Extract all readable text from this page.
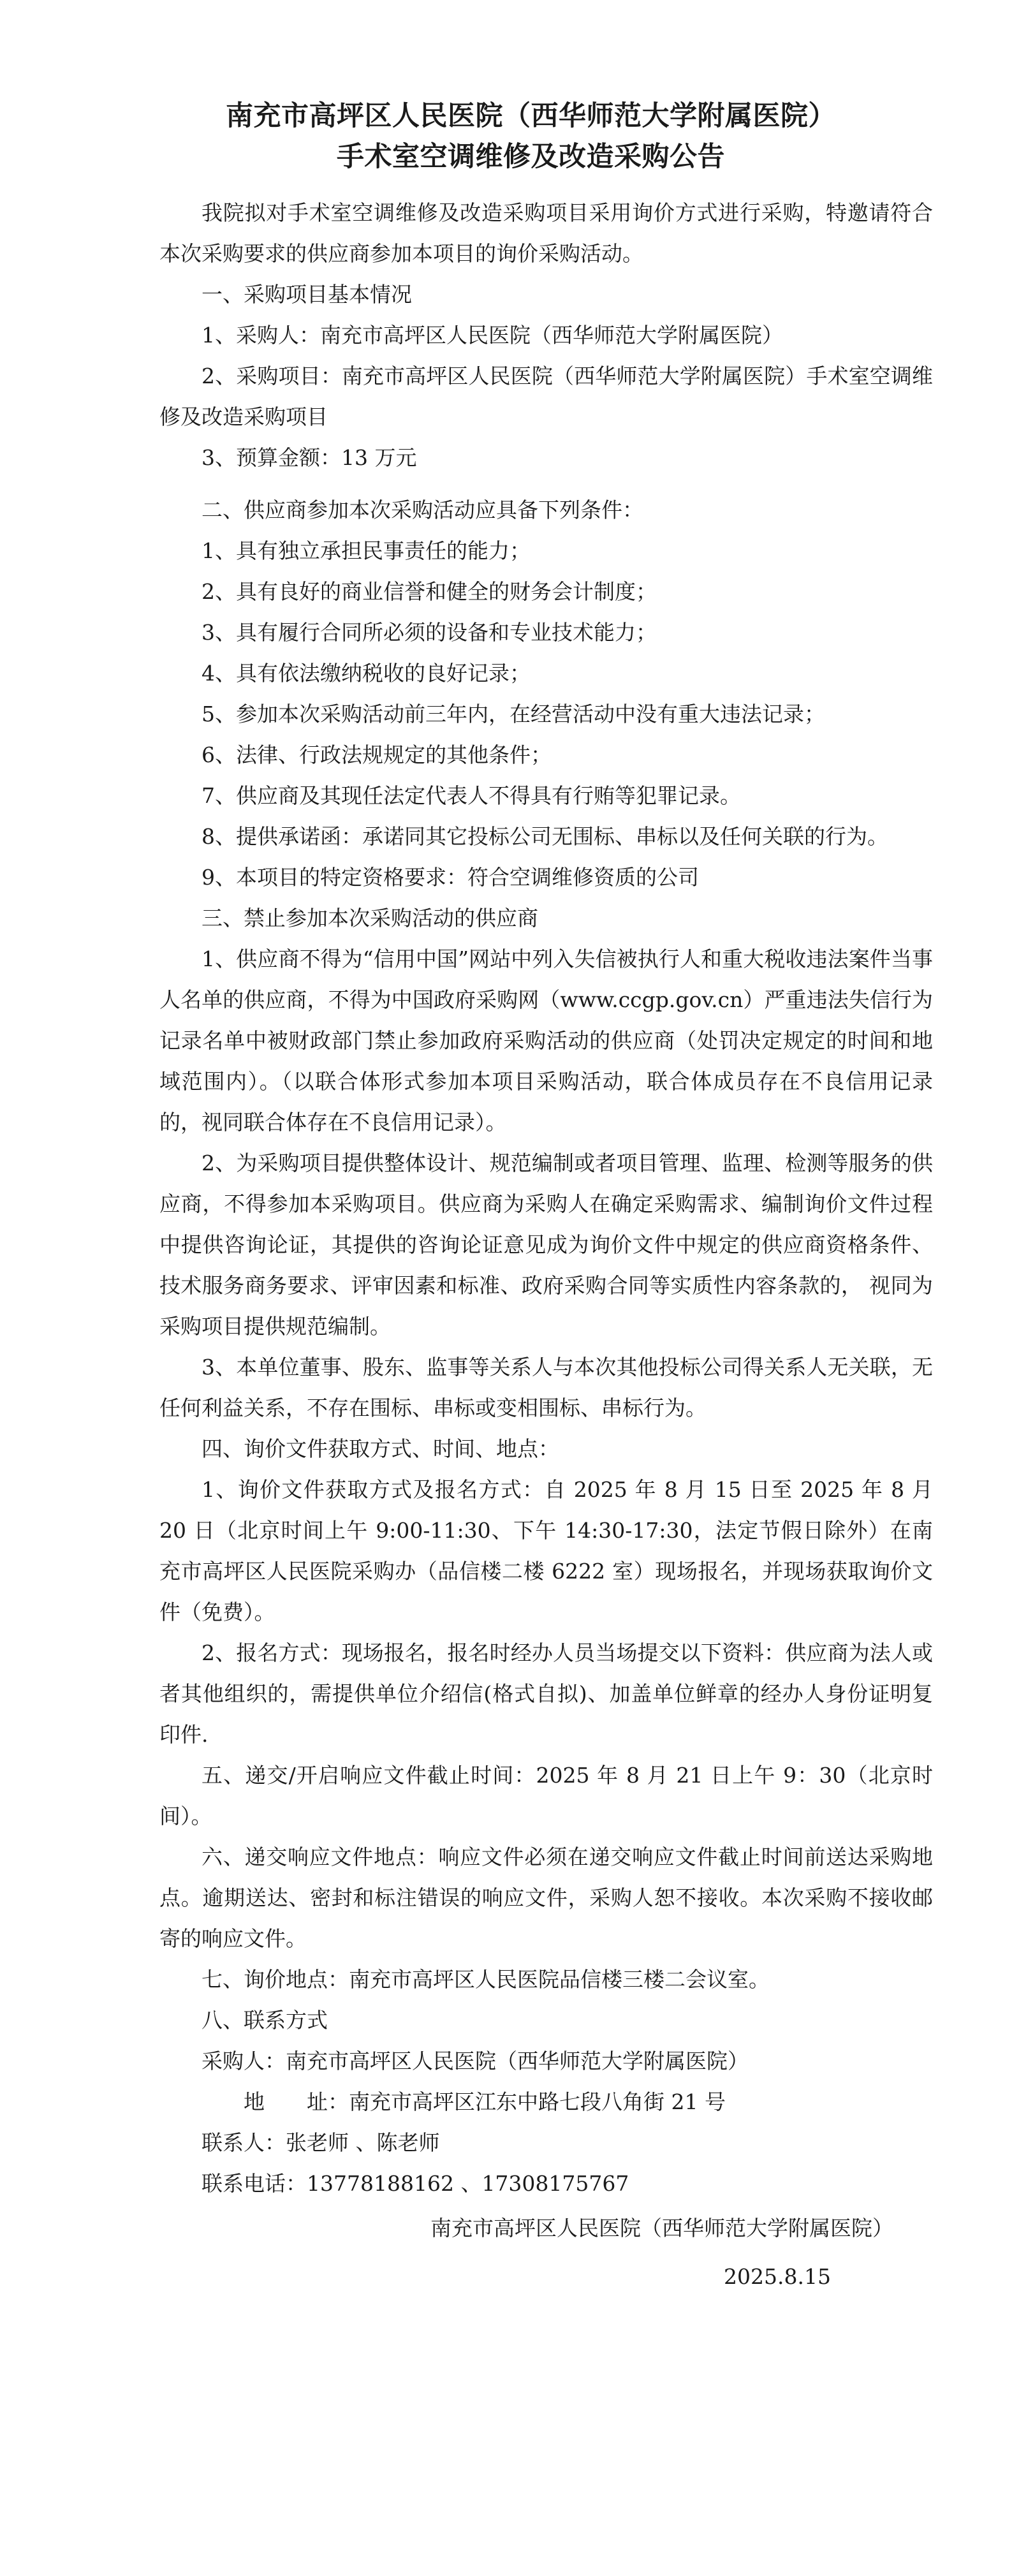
南充市高坪区人民医院（西华师范大学附属医院）
手术室空调维修及改造采购公告

我院拟对手术室空调维修及改造采购项目采用询价方式进行采购，特邀请符合本次采购要求的供应商参加本项目的询价采购活动。

一、采购项目基本情况

1、采购人：南充市高坪区人民医院（西华师范大学附属医院）

2、采购项目：南充市高坪区人民医院（西华师范大学附属医院）手术室空调维修及改造采购项目

3、预算金额：13 万元

二、供应商参加本次采购活动应具备下列条件：

1、具有独立承担民事责任的能力；

2、具有良好的商业信誉和健全的财务会计制度；

3、具有履行合同所必须的设备和专业技术能力；

4、具有依法缴纳税收的良好记录；

5、参加本次采购活动前三年内，在经营活动中没有重大违法记录；

6、法律、行政法规规定的其他条件；

7、供应商及其现任法定代表人不得具有行贿等犯罪记录。

8、提供承诺函：承诺同其它投标公司无围标、串标以及任何关联的行为。

9、本项目的特定资格要求：符合空调维修资质的公司

三、禁止参加本次采购活动的供应商

1、供应商不得为“信用中国”网站中列入失信被执行人和重大税收违法案件当事人名单的供应商，不得为中国政府采购网（www.ccgp.gov.cn）严重违法失信行为记录名单中被财政部门禁止参加政府采购活动的供应商（处罚决定规定的时间和地域范围内）。（以联合体形式参加本项目采购活动，联合体成员存在不良信用记录的，视同联合体存在不良信用记录）。

2、为采购项目提供整体设计、规范编制或者项目管理、监理、检测等服务的供应商，不得参加本采购项目。供应商为采购人在确定采购需求、编制询价文件过程中提供咨询论证，其提供的咨询论证意见成为询价文件中规定的供应商资格条件、技术服务商务要求、评审因素和标准、政府采购合同等实质性内容条款的， 视同为采购项目提供规范编制。

3、本单位董事、股东、监事等关系人与本次其他投标公司得关系人无关联，无任何利益关系，不存在围标、串标或变相围标、串标行为。

四、询价文件获取方式、时间、地点：

1、询价文件获取方式及报名方式：自 2025 年 8 月 15 日至 2025 年 8 月 20 日（北京时间上午 9:00-11:30、下午 14:30-17:30，法定节假日除外）在南充市高坪区人民医院采购办（品信楼二楼 6222 室）现场报名，并现场获取询价文件（免费）。

2、报名方式：现场报名，报名时经办人员当场提交以下资料：供应商为法人或者其他组织的，需提供单位介绍信(格式自拟)、加盖单位鲜章的经办人身份证明复印件.

五、递交/开启响应文件截止时间：2025 年 8 月 21 日上午 9：30（北京时间）。

六、递交响应文件地点：响应文件必须在递交响应文件截止时间前送达采购地点。逾期送达、密封和标注错误的响应文件，采购人恕不接收。本次采购不接收邮寄的响应文件。

七、询价地点：南充市高坪区人民医院品信楼三楼二会议室。

八、联系方式

采购人：南充市高坪区人民医院（西华师范大学附属医院）

地　　址：南充市高坪区江东中路七段八角街 21 号

联系人：张老师 、陈老师

联系电话：13778188162 、17308175767

南充市高坪区人民医院（西华师范大学附属医院）

2025.8.15
